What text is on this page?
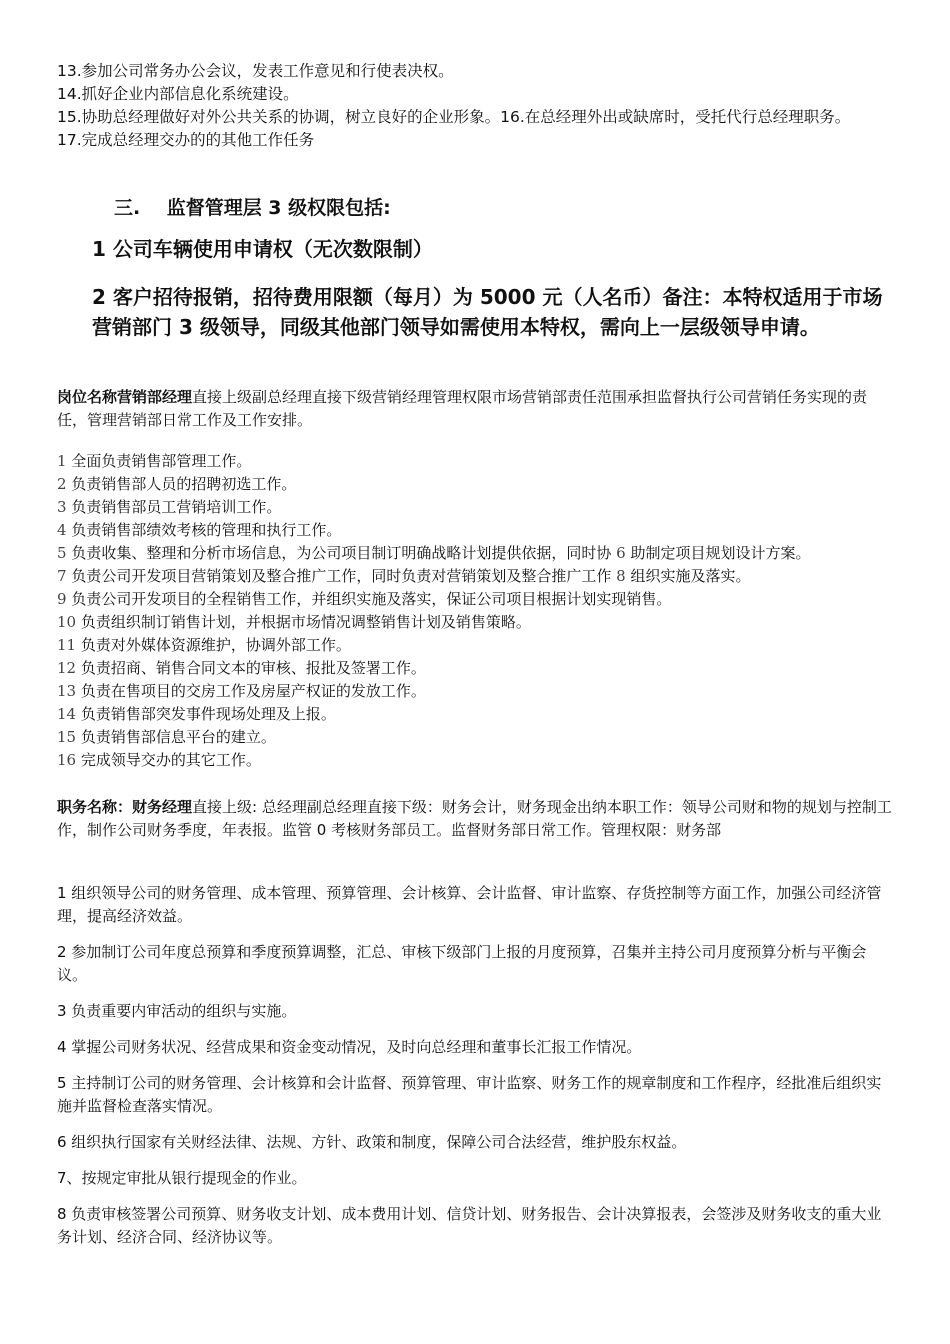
13.参加公司常务办公会议，发表工作意见和行使表决权。

14.抓好企业内部信息化系统建设。

15.协助总经理做好对外公共关系的协调，树立良好的企业形象。16.在总经理外出或缺席时，受托代行总经理职务。

17.完成总经理交办的的其他工作任务

三. 监督管理层 3 级权限包括:

1 公司车辆使用申请权（无次数限制）

2 客户招待报销，招待费用限额（每月）为 5000 元（人名币）备注：本特权适用于市场营销部门 3 级领导，同级其他部门领导如需使用本特权，需向上一层级领导申请。

岗位名称营销部经理直接上级副总经理直接下级营销经理管理权限市场营销部责任范围承担监督执行公司营销任务实现的责任，管理营销部日常工作及工作安排。

1 全面负责销售部管理工作。

2 负责销售部人员的招聘初选工作。

3 负责销售部员工营销培训工作。

4 负责销售部绩效考核的管理和执行工作。

5 负责收集、整理和分析市场信息，为公司项目制订明确战略计划提供依据，同时协 6 助制定项目规划设计方案。

7 负责公司开发项目营销策划及整合推广工作，同时负责对营销策划及整合推广工作 8 组织实施及落实。

9 负责公司开发项目的全程销售工作，并组织实施及落实，保证公司项目根据计划实现销售。

10 负责组织制订销售计划，并根据市场情况调整销售计划及销售策略。

11 负责对外媒体资源维护，协调外部工作。

12 负责招商、销售合同文本的审核、报批及签署工作。

13 负责在售项目的交房工作及房屋产权证的发放工作。

14 负责销售部突发事件现场处理及上报。

15 负责销售部信息平台的建立。

16 完成领导交办的其它工作。

职务名称：财务经理直接上级: 总经理副总经理直接下级：财务会计，财务现金出纳本职工作：领导公司财和物的规划与控制工作，制作公司财务季度，年表报。监管 0 考核财务部员工。监督财务部日常工作。管理权限：财务部

1 组织领导公司的财务管理、成本管理、预算管理、会计核算、会计监督、审计监察、存货控制等方面工作，加强公司经济管理，提高经济效益。

2 参加制订公司年度总预算和季度预算调整，汇总、审核下级部门上报的月度预算，召集并主持公司月度预算分析与平衡会议。

3 负责重要内审活动的组织与实施。

4 掌握公司财务状况、经营成果和资金变动情况，及时向总经理和董事长汇报工作情况。

5 主持制订公司的财务管理、会计核算和会计监督、预算管理、审计监察、财务工作的规章制度和工作程序，经批准后组织实施并监督检查落实情况。

6 组织执行国家有关财经法律、法规、方针、政策和制度，保障公司合法经营，维护股东权益。

7、按规定审批从银行提现金的作业。

8 负责审核签署公司预算、财务收支计划、成本费用计划、信贷计划、财务报告、会计决算报表，会签涉及财务收支的重大业务计划、经济合同、经济协议等。
